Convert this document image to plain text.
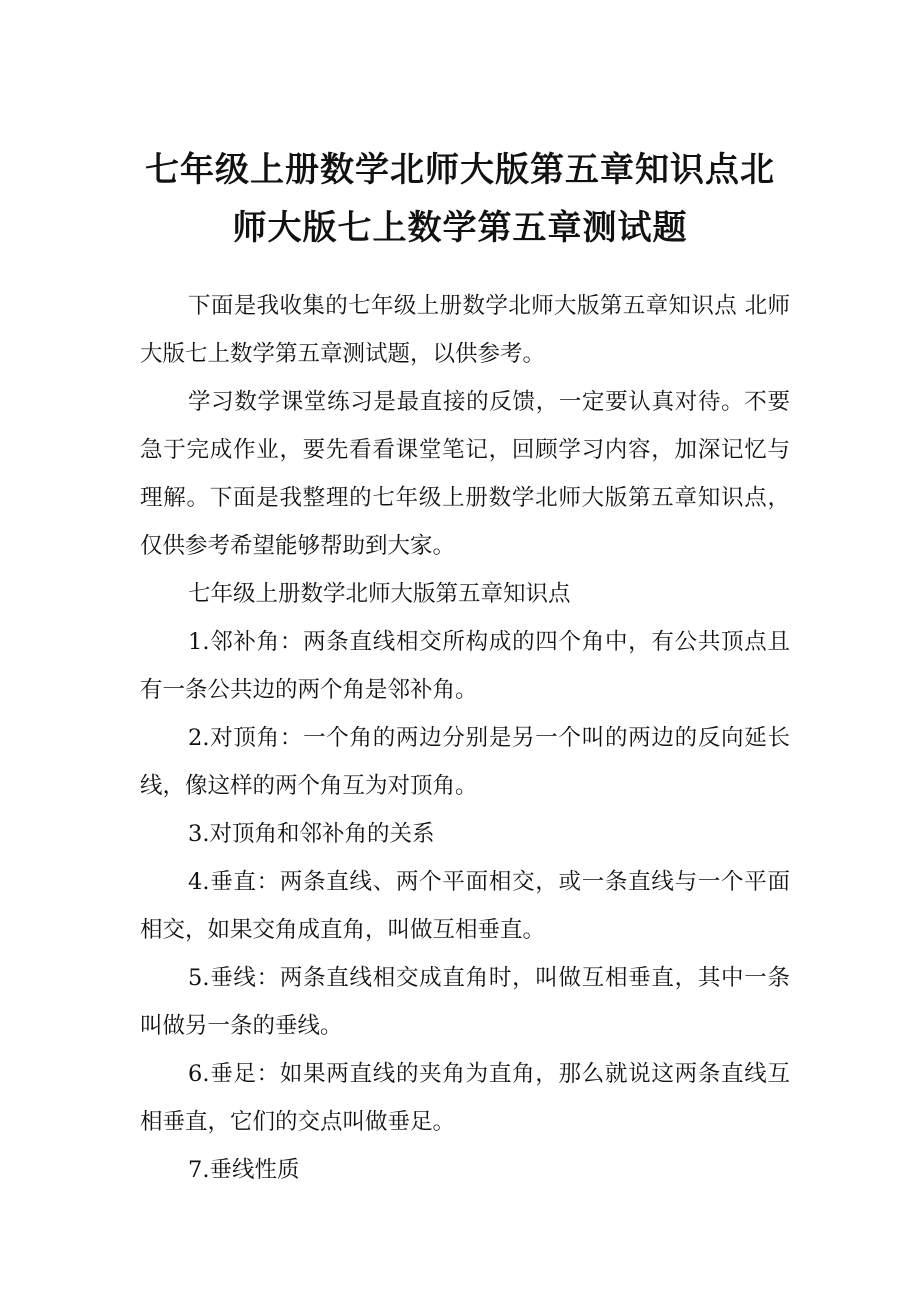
七年级上册数学北师大版第五章知识点北
师大版七上数学第五章测试题

下面是我收集的七年级上册数学北师大版第五章知识点 北师大版七上数学第五章测试题，以供参考。

学习数学课堂练习是最直接的反馈，一定要认真对待。不要急于完成作业，要先看看课堂笔记，回顾学习内容，加深记忆与理解。下面是我整理的七年级上册数学北师大版第五章知识点，仅供参考希望能够帮助到大家。

七年级上册数学北师大版第五章知识点

1.邻补角：两条直线相交所构成的四个角中，有公共顶点且有一条公共边的两个角是邻补角。

2.对顶角：一个角的两边分别是另一个叫的两边的反向延长线，像这样的两个角互为对顶角。

3.对顶角和邻补角的关系

4.垂直：两条直线、两个平面相交，或一条直线与一个平面相交，如果交角成直角，叫做互相垂直。

5.垂线：两条直线相交成直角时，叫做互相垂直，其中一条叫做另一条的垂线。

6.垂足：如果两直线的夹角为直角，那么就说这两条直线互相垂直，它们的交点叫做垂足。

7.垂线性质
